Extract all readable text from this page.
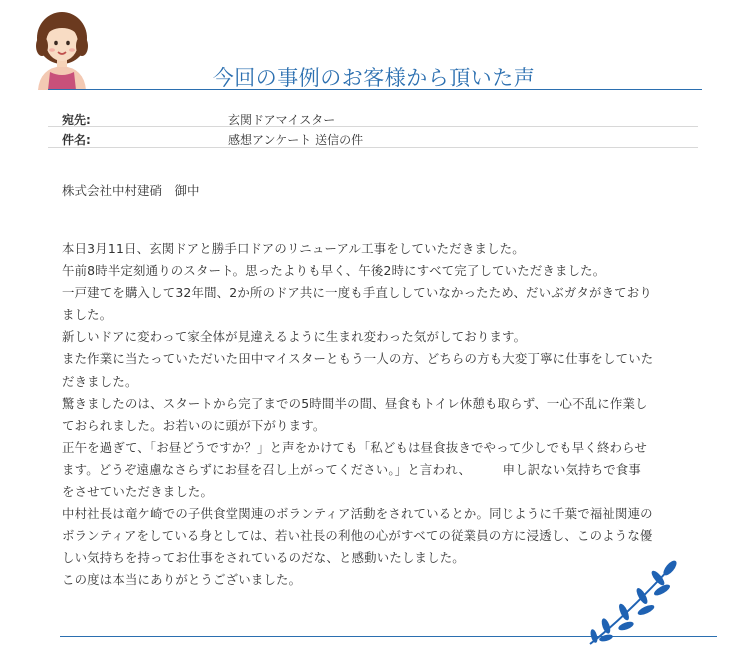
今回の事例のお客様から頂いた声
宛先:	玄関ドアマイスター
件名:	感想アンケート 送信の件
株式会社中村建硝　御中
本日3月11日、玄関ドアと勝手口ドアのリニューアル工事をしていただきました。
午前8時半定刻通りのスタート。思ったよりも早く、午後2時にすべて完了していただきました。
一戸建てを購入して32年間、2か所のドア共に一度も手直ししていなかったため、だいぶガタがきており
ました。
新しいドアに変わって家全体が見違えるように生まれ変わった気がしております。
また作業に当たっていただいた田中マイスターともう一人の方、どちらの方も大変丁寧に仕事をしていた
だきました。
驚きましたのは、スタートから完了までの5時間半の間、昼食もトイレ休憩も取らず、一心不乱に作業し
ておられました。お若いのに頭が下がります。
正午を過ぎて、「お昼どうですか？」と声をかけても「私どもは昼食抜きでやって少しでも早く終わらせ
ます。どうぞ遠慮なさらずにお昼を召し上がってください。」と言われ、　　　申し訳ない気持ちで食事
をさせていただきました。
中村社長は竜ケ崎での子供食堂関連のボランティア活動をされているとか。同じように千葉で福祉関連の
ボランティアをしている身としては、若い社長の利他の心がすべての従業員の方に浸透し、このような優
しい気持ちを持ってお仕事をされているのだな、と感動いたしました。
この度は本当にありがとうございました。
